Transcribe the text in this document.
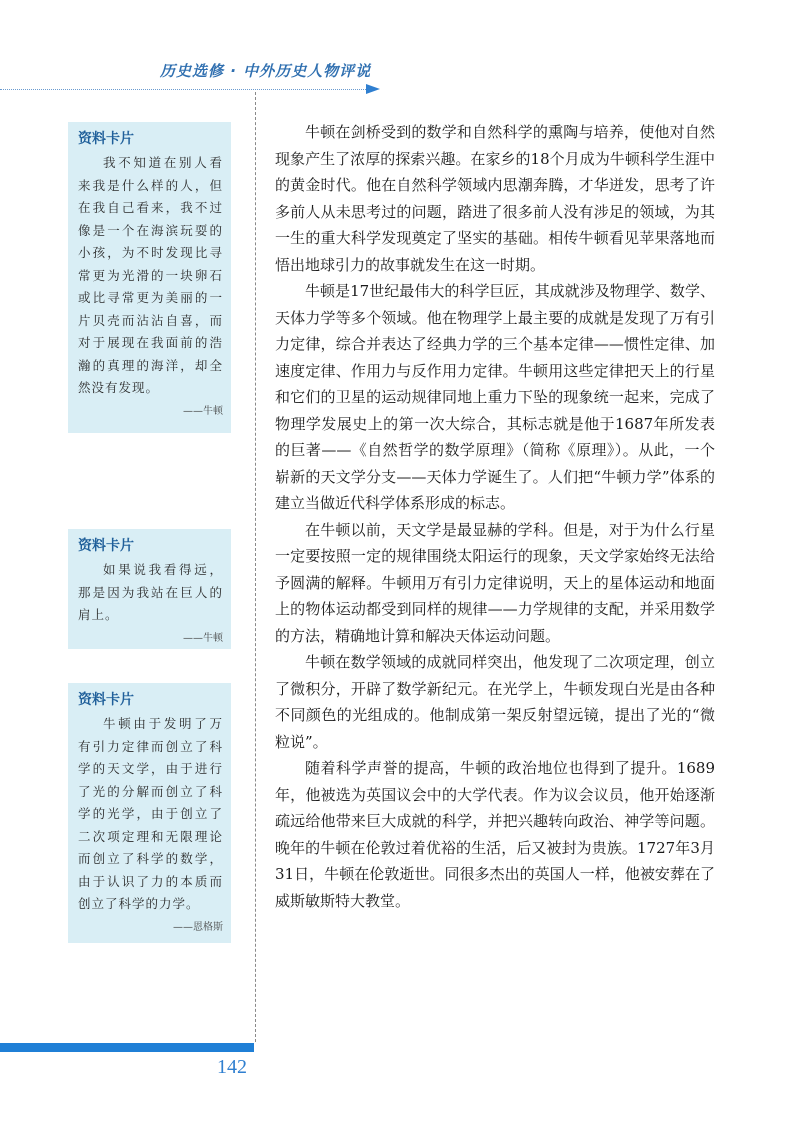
历史选修 · 中外历史人物评说
资料卡片
我不知道在别人看来我是什么样的人，但在我自己看来，我不过像是一个在海滨玩耍的小孩，为不时发现比寻常更为光滑的一块卵石或比寻常更为美丽的一片贝壳而沾沾自喜，而对于展现在我面前的浩瀚的真理的海洋，却全然没有发现。
——牛顿
资料卡片
如果说我看得远，那是因为我站在巨人的肩上。
——牛顿
资料卡片
牛顿由于发明了万有引力定律而创立了科学的天文学，由于进行了光的分解而创立了科学的光学，由于创立了二次项定理和无限理论而创立了科学的数学，由于认识了力的本质而创立了科学的力学。
——恩格斯

牛顿在剑桥受到的数学和自然科学的熏陶与培养，使他对自然现象产生了浓厚的探索兴趣。在家乡的18个月成为牛顿科学生涯中的黄金时代。他在自然科学领域内思潮奔腾，才华迸发，思考了许多前人从未思考过的问题，踏进了很多前人没有涉足的领域，为其一生的重大科学发现奠定了坚实的基础。相传牛顿看见苹果落地而悟出地球引力的故事就发生在这一时期。

牛顿是17世纪最伟大的科学巨匠，其成就涉及物理学、数学、天体力学等多个领域。他在物理学上最主要的成就是发现了万有引力定律，综合并表达了经典力学的三个基本定律——惯性定律、加速度定律、作用力与反作用力定律。牛顿用这些定律把天上的行星和它们的卫星的运动规律同地上重力下坠的现象统一起来，完成了物理学发展史上的第一次大综合，其标志就是他于1687年所发表的巨著——《自然哲学的数学原理》（简称《原理》）。从此，一个崭新的天文学分支——天体力学诞生了。人们把“牛顿力学”体系的建立当做近代科学体系形成的标志。

在牛顿以前，天文学是最显赫的学科。但是，对于为什么行星一定要按照一定的规律围绕太阳运行的现象，天文学家始终无法给予圆满的解释。牛顿用万有引力定律说明，天上的星体运动和地面上的物体运动都受到同样的规律——力学规律的支配，并采用数学的方法，精确地计算和解决天体运动问题。

牛顿在数学领域的成就同样突出，他发现了二次项定理，创立了微积分，开辟了数学新纪元。在光学上，牛顿发现白光是由各种不同颜色的光组成的。他制成第一架反射望远镜，提出了光的“微粒说”。

随着科学声誉的提高，牛顿的政治地位也得到了提升。1689年，他被选为英国议会中的大学代表。作为议会议员，他开始逐渐疏远给他带来巨大成就的科学，并把兴趣转向政治、神学等问题。晚年的牛顿在伦敦过着优裕的生活，后又被封为贵族。1727年3月31日，牛顿在伦敦逝世。同很多杰出的英国人一样，他被安葬在了威斯敏斯特大教堂。

142
